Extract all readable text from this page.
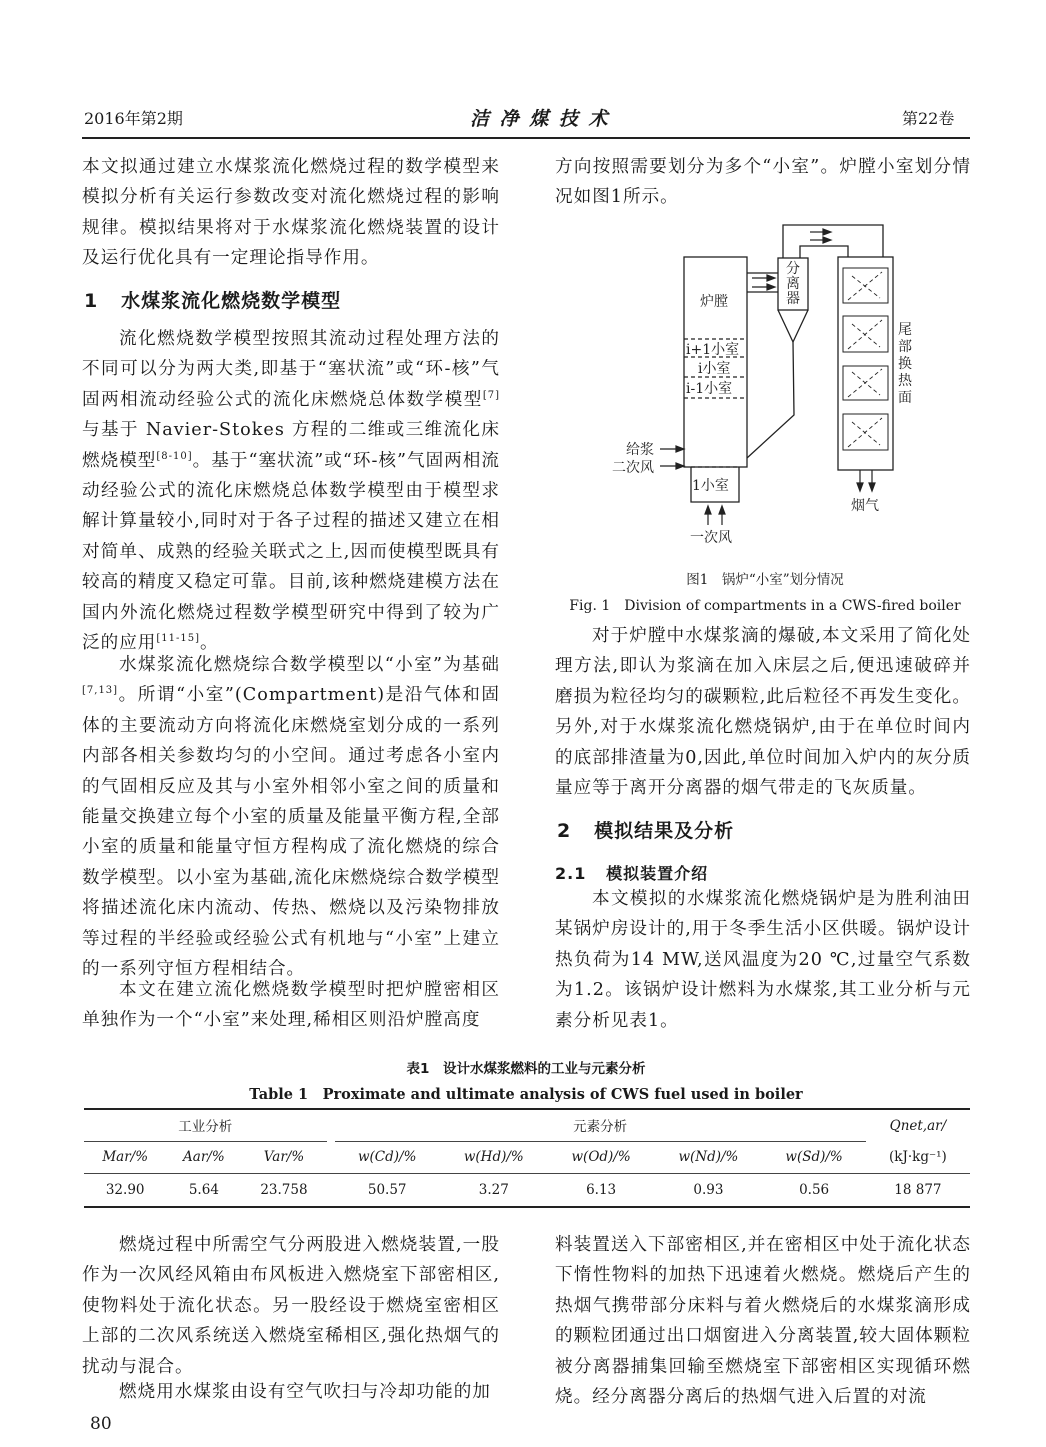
2016年第2期	洁 净 煤 技 术	第22卷
本文拟通过建立水煤浆流化燃烧过程的数学模型来模拟分析有关运行参数改变对流化燃烧过程的影响规律。模拟结果将对于水煤浆流化燃烧装置的设计及运行优化具有一定理论指导作用。
1 水煤浆流化燃烧数学模型
流化燃烧数学模型按照其流动过程处理方法的不同可以分为两大类,即基于“塞状流”或“环-核”气固两相流动经验公式的流化床燃烧总体数学模型[7]与基于 Navier-Stokes 方程的二维或三维流化床燃烧模型[8-10]。基于“塞状流”或“环-核”气固两相流动经验公式的流化床燃烧总体数学模型由于模型求解计算量较小,同时对于各子过程的描述又建立在相对简单、成熟的经验关联式之上,因而使模型既具有较高的精度又稳定可靠。目前,该种燃烧建模方法在国内外流化燃烧过程数学模型研究中得到了较为广泛的应用[11-15]。
水煤浆流化燃烧综合数学模型以“小室”为基础[7,13]。所谓“小室”(Compartment)是沿气体和固体的主要流动方向将流化床燃烧室划分成的一系列内部各相关参数均匀的小空间。通过考虑各小室内的气固相反应及其与小室外相邻小室之间的质量和能量交换建立每个小室的质量及能量平衡方程,全部小室的质量和能量守恒方程构成了流化燃烧的综合数学模型。以小室为基础,流化床燃烧综合数学模型将描述流化床内流动、传热、燃烧以及污染物排放等过程的半经验或经验公式有机地与“小室”上建立的一系列守恒方程相结合。
本文在建立流化燃烧数学模型时把炉膛密相区单独作为一个“小室”来处理,稀相区则沿炉膛高度
方向按照需要划分为多个“小室”。炉膛小室划分情况如图1所示。
炉膛
i+1小室
i小室
i-1小室
1小室
分
离
器
尾
部
换
热
面
给浆
二次风
一次风
烟气
图1　锅炉“小室”划分情况
Fig. 1　Division of compartments in a CWS-fired boiler
对于炉膛中水煤浆滴的爆破,本文采用了简化处理方法,即认为浆滴在加入床层之后,便迅速破碎并磨损为粒径均匀的碳颗粒,此后粒径不再发生变化。另外,对于水煤浆流化燃烧锅炉,由于在单位时间内的底部排渣量为0,因此,单位时间加入炉内的灰分质量应等于离开分离器的烟气带走的飞灰质量。
2 模拟结果及分析
2.1 模拟装置介绍
本文模拟的水煤浆流化燃烧锅炉是为胜利油田某锅炉房设计的,用于冬季生活小区供暖。锅炉设计热负荷为14 MW,送风温度为20 ℃,过量空气系数为1.2。该锅炉设计燃料为水煤浆,其工业分析与元素分析见表1。
表1　设计水煤浆燃料的工业与元素分析
Table 1　Proximate and ultimate analysis of CWS fuel used in boiler
工业分析				元素分析					Qnet,ar/
Mar/%	Aar/%	Var/%		w(Cd)/%	w(Hd)/%	w(Od)/%	w(Nd)/%	w(Sd)/%	(kJ·kg⁻¹)
32.90	5.64	23.758		50.57	3.27	6.13	0.93	0.56	18 877
燃烧过程中所需空气分两股进入燃烧装置,一股作为一次风经风箱由布风板进入燃烧室下部密相区,使物料处于流化状态。另一股经设于燃烧室密相区上部的二次风系统送入燃烧室稀相区,强化热烟气的扰动与混合。
燃烧用水煤浆由设有空气吹扫与冷却功能的加
料装置送入下部密相区,并在密相区中处于流化状态下惰性物料的加热下迅速着火燃烧。燃烧后产生的热烟气携带部分床料与着火燃烧后的水煤浆滴形成的颗粒团通过出口烟窗进入分离装置,较大固体颗粒被分离器捕集回输至燃烧室下部密相区实现循环燃烧。经分离器分离后的热烟气进入后置的对流
80
